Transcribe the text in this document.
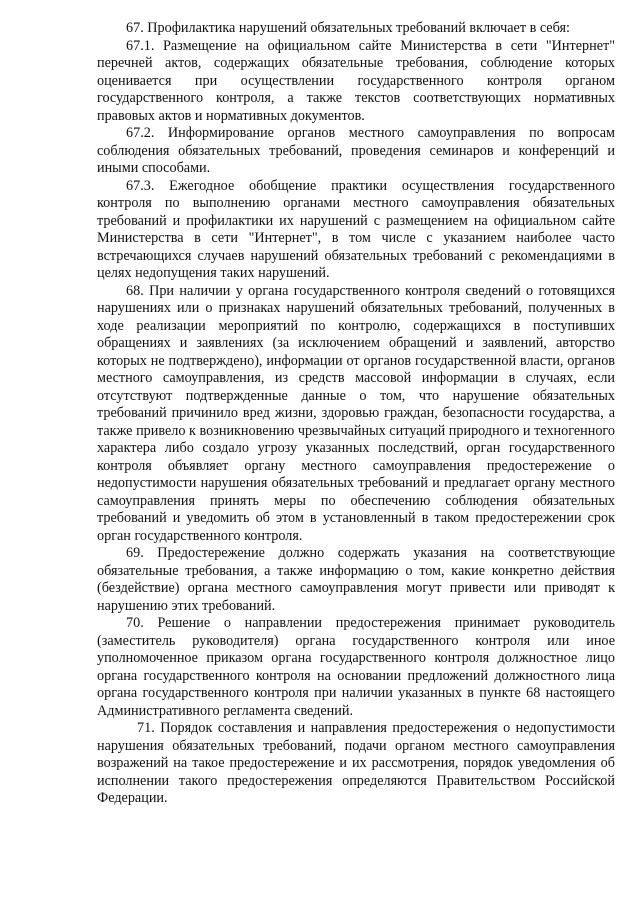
67. Профилактика нарушений обязательных требований включает в себя:

67.1. Размещение на официальном сайте Министерства в сети "Интернет" перечней актов, содержащих обязательные требования, соблюдение которых оценивается при осуществлении государственного контроля органом государственного контроля, а также текстов соответствующих нормативных правовых актов и нормативных документов.

67.2. Информирование органов местного самоуправления по вопросам соблюдения обязательных требований, проведения семинаров и конференций и иными способами.

67.3. Ежегодное обобщение практики осуществления государственного контроля по выполнению органами местного самоуправления обязательных требований и профилактики их нарушений с размещением на официальном сайте Министерства в сети "Интернет", в том числе с указанием наиболее часто встречающихся случаев нарушений обязательных требований с рекомендациями в целях недопущения таких нарушений.

68. При наличии у органа государственного контроля сведений о готовящихся нарушениях или о признаках нарушений обязательных требований, полученных в ходе реализации мероприятий по контролю, содержащихся в поступивших обращениях и заявлениях (за исключением обращений и заявлений, авторство которых не подтверждено), информации от органов государственной власти, органов местного самоуправления, из средств массовой информации в случаях, если отсутствуют подтвержденные данные о том, что нарушение обязательных требований причинило вред жизни, здоровью граждан, безопасности государства, а также привело к возникновению чрезвычайных ситуаций природного и техногенного характера либо создало угрозу указанных последствий, орган государственного контроля объявляет органу местного самоуправления предостережение о недопустимости нарушения обязательных требований и предлагает органу местного самоуправления принять меры по обеспечению соблюдения обязательных требований и уведомить об этом в установленный в таком предостережении срок орган государственного контроля.

69. Предостережение должно содержать указания на соответствующие обязательные требования, а также информацию о том, какие конкретно действия (бездействие) органа местного самоуправления могут привести или приводят к нарушению этих требований.

70. Решение о направлении предостережения принимает руководитель (заместитель руководителя) органа государственного контроля или иное уполномоченное приказом органа государственного контроля должностное лицо органа государственного контроля на основании предложений должностного лица органа государственного контроля при наличии указанных в пункте 68 настоящего Административного регламента сведений.

71. Порядок составления и направления предостережения о недопустимости нарушения обязательных требований, подачи органом местного самоуправления возражений на такое предостережение и их рассмотрения, порядок уведомления об исполнении такого предостережения определяются Правительством Российской Федерации.
